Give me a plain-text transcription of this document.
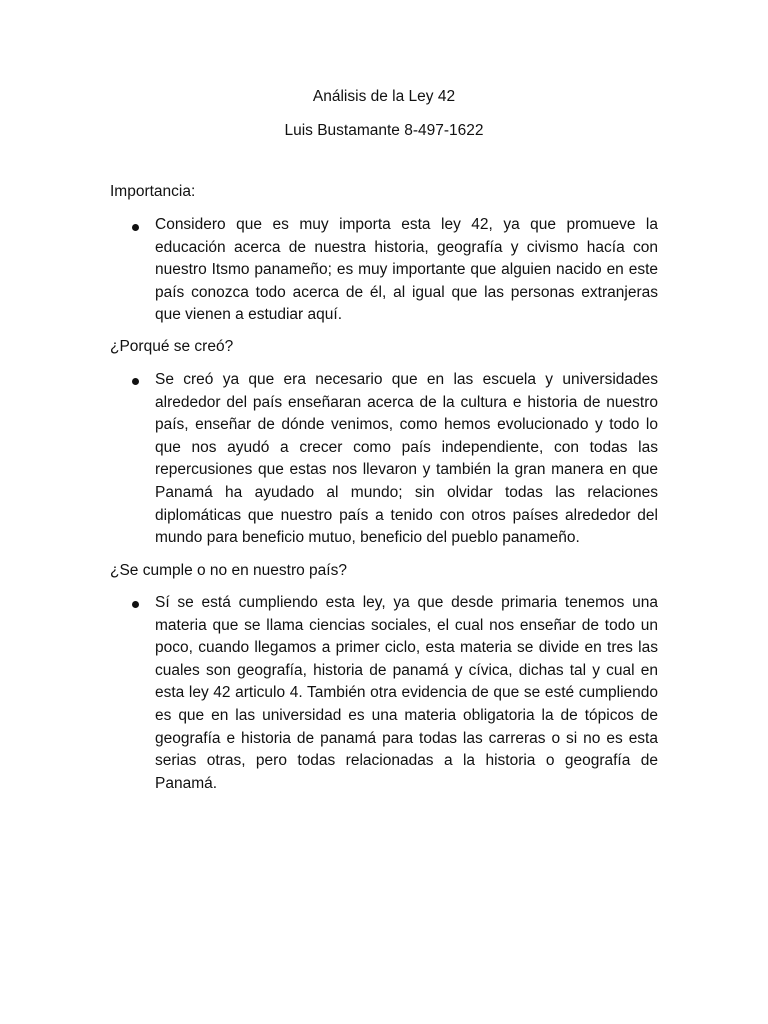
Análisis de la Ley 42
Luis Bustamante 8-497-1622
Importancia:
Considero que es muy importa esta ley 42, ya que promueve la educación acerca de nuestra historia, geografía y civismo hacía con nuestro Itsmo panameño; es muy importante que alguien nacido en este país conozca todo acerca de él, al igual que las personas extranjeras que vienen a estudiar aquí.
¿Porqué se creó?
Se creó ya que era necesario que en las escuela y universidades alrededor del país enseñaran acerca de la cultura e historia de nuestro país, enseñar de dónde venimos, como hemos evolucionado y todo lo que nos ayudó a crecer como país independiente, con todas las repercusiones que estas nos llevaron y también la gran manera en que Panamá ha ayudado al mundo; sin olvidar todas las relaciones diplomáticas que nuestro país a tenido con otros países alrededor del mundo para beneficio mutuo, beneficio del pueblo panameño.
¿Se cumple o no en nuestro país?
Sí se está cumpliendo esta ley, ya que desde primaria tenemos una materia que se llama ciencias sociales, el cual nos enseñar de todo un poco, cuando llegamos a primer ciclo, esta materia se divide en tres las cuales son geografía, historia de panamá y cívica, dichas tal y cual en esta ley 42 articulo 4. También otra evidencia de que se esté cumpliendo es que en las universidad es una materia obligatoria la de tópicos de geografía e historia de panamá para todas las carreras o si no es esta serias otras, pero todas relacionadas a la historia o geografía de Panamá.
